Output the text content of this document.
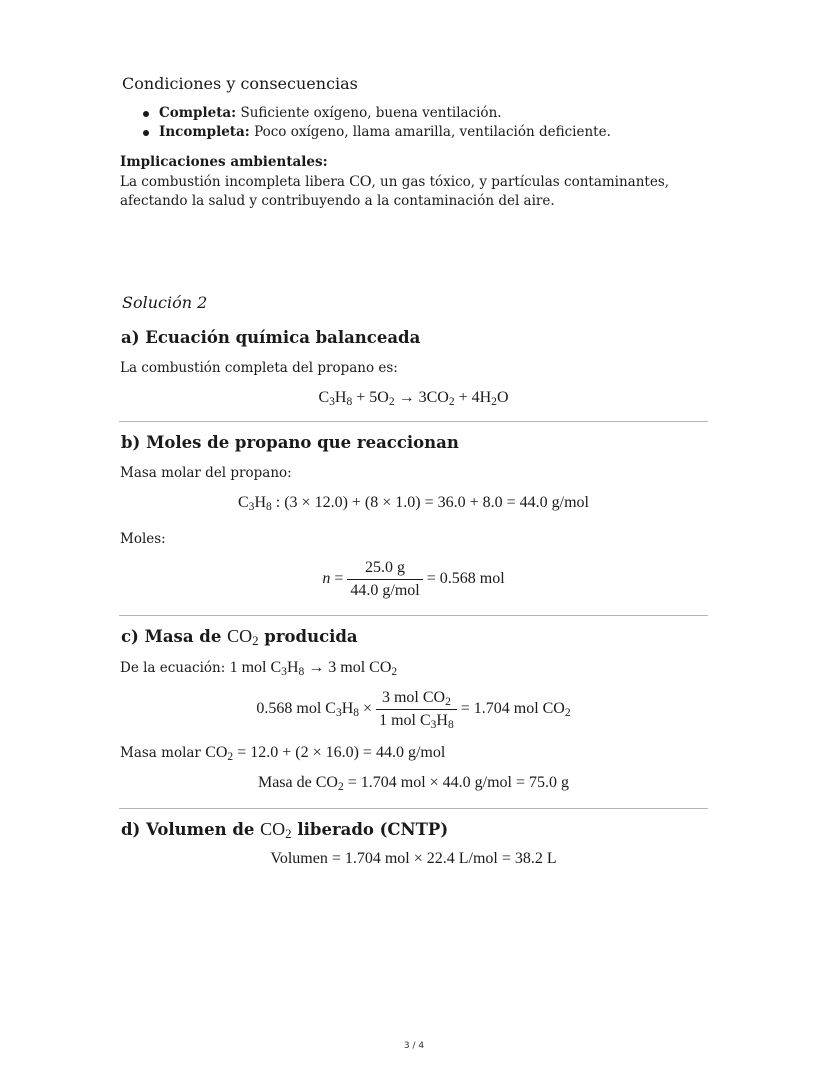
Condiciones y consecuencias
Completa: Suficiente oxígeno, buena ventilación.
Incompleta: Poco oxígeno, llama amarilla, ventilación deficiente.
Implicaciones ambientales:
La combustión incompleta libera CO, un gas tóxico, y partículas contaminantes,
afectando la salud y contribuyendo a la contaminación del aire.
Solución 2
a) Ecuación química balanceada
La combustión completa del propano es:
$C_3H_8 + 5O_2 \to 3CO_2 + 4H_2O$
b) Moles de propano que reaccionan
Masa molar del propano:
$C_3H_8$ : (3 × 12.0) + (8 × 1.0) = 36.0 + 8.0 = 44.0 g/mol
Moles:
$n = \frac{25.0 g}{\text{44.0 g/mol}} = 0.568$ mol
c) Masa de $CO_2$ producida
De la ecuación: 1 mol $C_3H_8 \to 3$ mol $CO_2$
0.568 mol $C_3H_8 \times \frac{3 mol CO_2}{1 mol C_3H_8} = 1.704$ mol $CO_2$
Masa molar $CO_2 = 12.0 + (2 \times 16.0) = 44.0$ g/mol
Masa de $CO_2 = 1.704$ mol × 44.0 g/mol = 75.0 g
d) Volumen de $CO_2$ liberado (CNTP)
Volumen = 1.704 mol × 22.4 L/mol = 38.2 L
3 / 4
